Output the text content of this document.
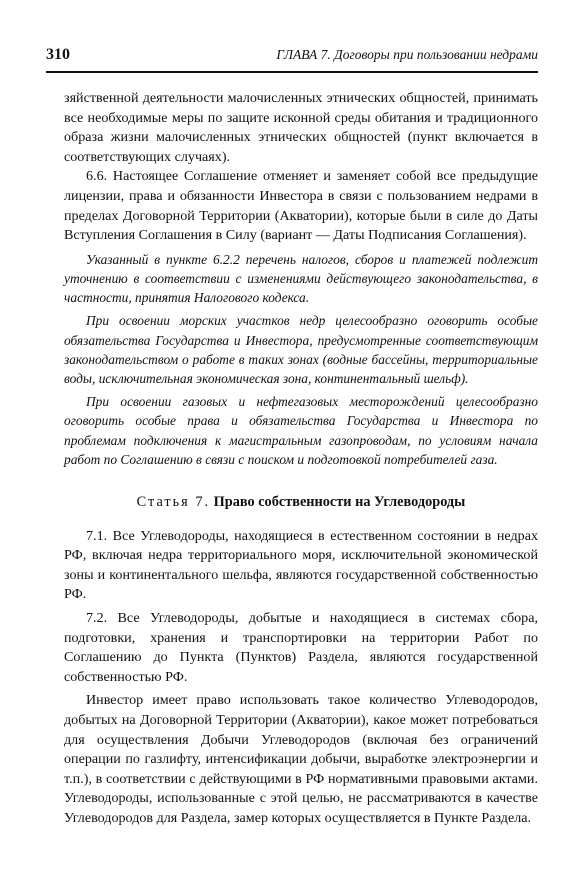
310	ГЛАВА 7. Договоры при пользовании недрами

зяйственной деятельности малочисленных этнических общностей, принимать все необходимые меры по защите исконной среды обитания и традиционного образа жизни малочисленных этнических общностей (пункт включается в соответствующих случаях).

6.6. Настоящее Соглашение отменяет и заменяет собой все предыдущие лицензии, права и обязанности Инвестора в связи с пользованием недрами в пределах Договорной Территории (Акватории), которые были в силе до Даты Вступления Соглашения в Силу (вариант — Даты Подписания Соглашения).

Указанный в пункте 6.2.2 перечень налогов, сборов и платежей подлежит уточнению в соответствии с изменениями действующего законодательства, в частности, принятия Налогового кодекса.

При освоении морских участков недр целесообразно оговорить особые обязательства Государства и Инвестора, предусмотренные соответствующим законодательством о работе в таких зонах (водные бассейны, территориальные воды, исключительная экономическая зона, континентальный шельф).

При освоении газовых и нефтегазовых месторождений целесообразно оговорить особые права и обязательства Государства и Инвестора по проблемам подключения к магистральным газопроводам, по условиям начала работ по Соглашению в связи с поиском и подготовкой потребителей газа.

Статья 7. Право собственности на Углеводороды

7.1. Все Углеводороды, находящиеся в естественном состоянии в недрах РФ, включая недра территориального моря, исключительной экономической зоны и континентального шельфа, являются государственной собственностью РФ.

7.2. Все Углеводороды, добытые и находящиеся в системах сбора, подготовки, хранения и транспортировки на территории Работ по Соглашению до Пункта (Пунктов) Раздела, являются государственной собственностью РФ.

Инвестор имеет право использовать такое количество Углеводородов, добытых на Договорной Территории (Акватории), какое может потребоваться для осуществления Добычи Углеводородов (включая без ограничений операции по газлифту, интенсификации добычи, выработке электроэнергии и т.п.), в соответствии с действующими в РФ нормативными правовыми актами. Углеводороды, использованные с этой целью, не рассматриваются в качестве Углеводородов для Раздела, замер которых осуществляется в Пункте Раздела.
